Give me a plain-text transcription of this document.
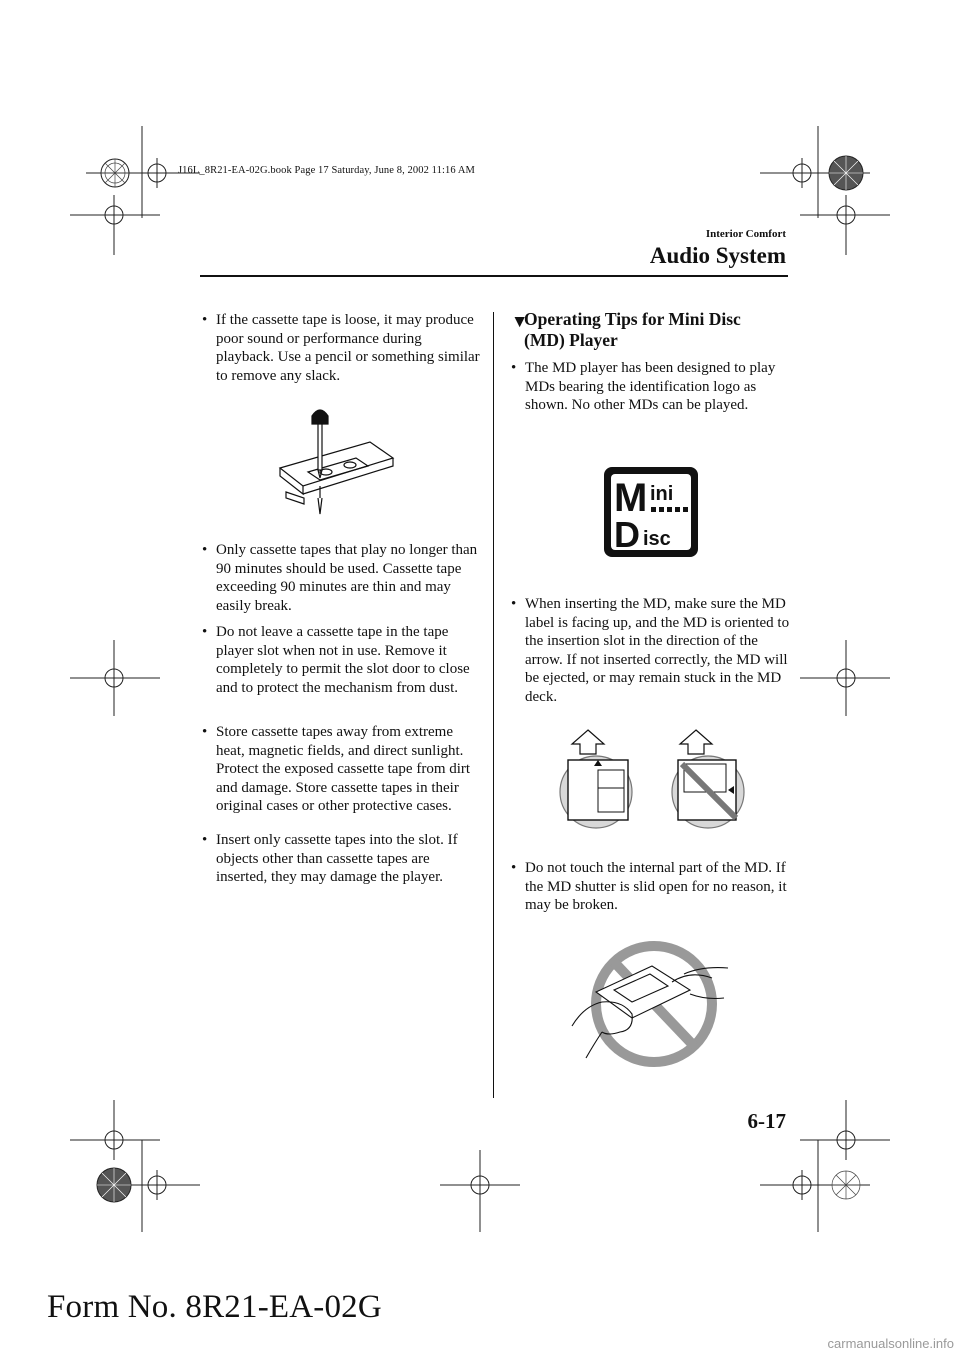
J16L_8R21-EA-02G.book Page 17 Saturday, June 8, 2002 11:16 AM
Interior Comfort
Audio System
• If the cassette tape is loose, it may produce poor sound or performance during playback. Use a pencil or something similar to remove any slack.
• Only cassette tapes that play no longer than 90 minutes should be used. Cassette tape exceeding 90 minutes are thin and may easily break.
• Do not leave a cassette tape in the tape player slot when not in use. Remove it completely to permit the slot door to close and to protect the mechanism from dust.
• Store cassette tapes away from extreme heat, magnetic fields, and direct sunlight. Protect the exposed cassette tape from dirt and damage. Store cassette tapes in their original cases or other protective cases.
• Insert only cassette tapes into the slot. If objects other than cassette tapes are inserted, they may damage the player.
▼
Operating Tips for Mini Disc
(MD) Player
• The MD player has been designed to play MDs bearing the identification logo as shown. No other MDs can be played.
M ini
D isc
• When inserting the MD, make sure the MD label is facing up, and the MD is oriented to the insertion slot in the direction of the arrow. If not inserted correctly, the MD will be ejected, or may remain stuck in the MD deck.
• Do not touch the internal part of the MD. If the MD shutter is slid open for no reason, it may be broken.
6-17
Form No. 8R21-EA-02G
carmanualsonline.info
